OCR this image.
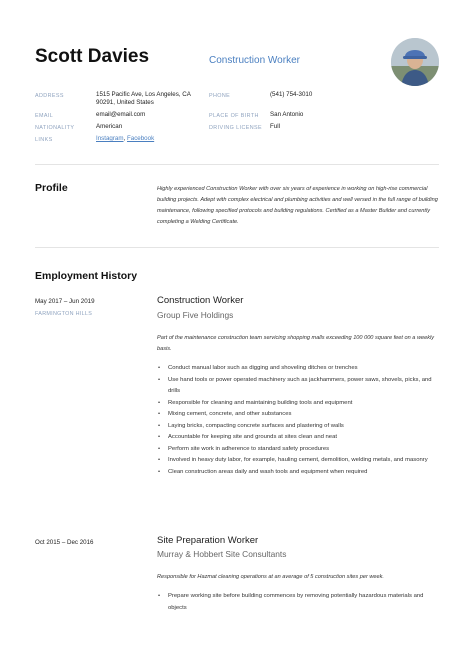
Scott Davies	Construction Worker
ADDRESS	1515 Pacific Ave, Los Angeles, CA
90291, United States
PHONE	(541) 754-3010
EMAIL	email@email.com	PLACE OF BIRTH San Antonio
NATIONALITY	American	DRIVING LICENSE Full
LINKS	Instagram, Facebook
Profile	Highly experienced Construction Worker with over six years of experience in working on high-rise commercial building projects. Adept with complex electrical and plumbing activities and well versed in the full range of building maintenance, following specified protocols and building regulations. Certified as a Master Builder and currently completing a Welding Certificate.
Employment History
May 2017 – Jun 2019
FARMINGTON HILLS
Construction Worker
Group Five Holdings
Part of the maintenance construction team servicing shopping malls exceeding 100 000 square feet on a weekly basis.
• Conduct manual labor such as digging and shoveling ditches or trenches
• Use hand tools or power operated machinery such as jackhammers, power saws, shovels, picks, and drills
• Responsible for cleaning and maintaining building tools and equipment
• Mixing cement, concrete, and other substances
• Laying bricks, compacting concrete surfaces and plastering of walls
• Accountable for keeping site and grounds at sites clean and neat
• Perform site work in adherence to standard safety procedures
• Involved in heavy duty labor, for example, hauling cement, demolition, welding metals, and masonry
• Clean construction areas daily and wash tools and equipment when required
Oct 2015 – Dec 2016	Site Preparation Worker
Murray & Hobbert Site Consultants
Responsible for Hazmat cleaning operations at an average of 5 construction sites per week.
• Prepare working site before building commences by removing potentially hazardous materials and objects
